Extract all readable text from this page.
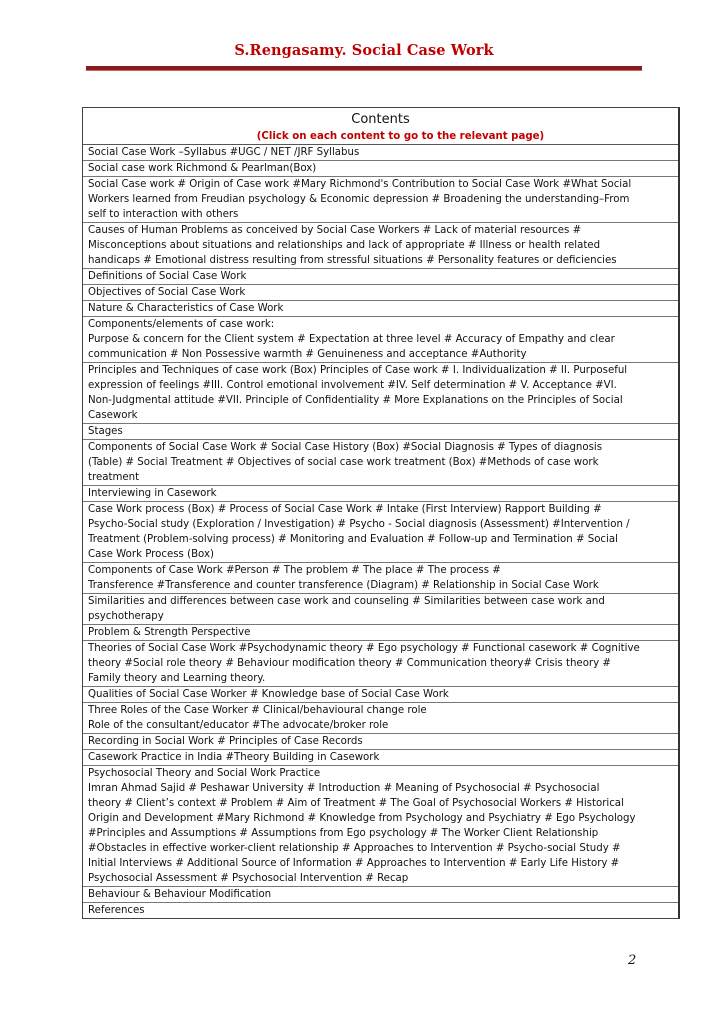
S.Rengasamy. Social Case Work
Contents
(Click on each content to go to the relevant page)
Social Case Work –Syllabus #UGC / NET /JRF Syllabus
Social case work Richmond & Pearlman(Box)
Social Case work # Origin of Case work #Mary Richmond's Contribution to Social Case Work #What Social
Workers learned from Freudian psychology & Economic depression # Broadening the understanding–From
self to interaction with others
Causes of Human Problems as conceived by Social Case Workers # Lack of material resources #
Misconceptions about situations and relationships and lack of appropriate # Illness or health related
handicaps # Emotional distress resulting from stressful situations # Personality features or deficiencies
Definitions of Social Case Work
Objectives of Social Case Work
Nature & Characteristics of Case Work
Components/elements of case work:
Purpose & concern for the Client system # Expectation at three level # Accuracy of Empathy and clear
communication # Non Possessive warmth # Genuineness and acceptance #Authority
Principles and Techniques of case work (Box) Principles of Case work # I. Individualization # II. Purposeful
expression of feelings #III. Control emotional involvement #IV. Self determination # V. Acceptance #VI.
Non-Judgmental attitude #VII. Principle of Confidentiality # More Explanations on the Principles of Social
Casework
Stages
Components of Social Case Work # Social Case History (Box) #Social Diagnosis # Types of diagnosis
(Table) # Social Treatment # Objectives of social case work treatment (Box) #Methods of case work
treatment
Interviewing in Casework
Case Work process (Box) # Process of Social Case Work # Intake (First Interview) Rapport Building #
Psycho-Social study (Exploration / Investigation) # Psycho - Social diagnosis (Assessment) #Intervention /
Treatment (Problem-solving process) # Monitoring and Evaluation # Follow-up and Termination # Social
Case Work Process (Box)
Components of Case Work #Person # The problem # The place # The process #
Transference #Transference and counter transference (Diagram) # Relationship in Social Case Work
Similarities and differences between case work and counseling # Similarities between case work and
psychotherapy
Problem & Strength Perspective
Theories of Social Case Work #Psychodynamic theory # Ego psychology # Functional casework # Cognitive
theory #Social role theory # Behaviour modification theory # Communication theory# Crisis theory #
Family theory and Learning theory.
Qualities of Social Case Worker # Knowledge base of Social Case Work
Three Roles of the Case Worker # Clinical/behavioural change role
Role of the consultant/educator #The advocate/broker role
Recording in Social Work # Principles of Case Records
Casework Practice in India #Theory Building in Casework
Psychosocial Theory and Social Work Practice
Imran Ahmad Sajid # Peshawar University # Introduction # Meaning of Psychosocial # Psychosocial
theory # Client’s context # Problem # Aim of Treatment # The Goal of Psychosocial Workers # Historical
Origin and Development #Mary Richmond # Knowledge from Psychology and Psychiatry # Ego Psychology
#Principles and Assumptions # Assumptions from Ego psychology # The Worker Client Relationship
#Obstacles in effective worker-client relationship # Approaches to Intervention # Psycho-social Study #
Initial Interviews # Additional Source of Information # Approaches to Intervention # Early Life History #
Psychosocial Assessment # Psychosocial Intervention # Recap
Behaviour & Behaviour Modification
References
2
